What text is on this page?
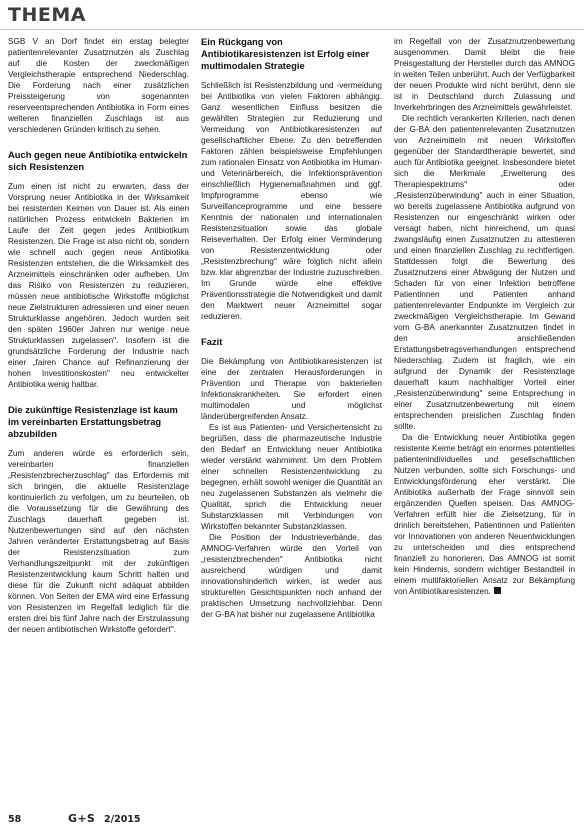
THEMA

SGB V an Dorf findet ein erstag belegter patientenrelevanter Zusatznutzen als Zuschlag auf die Kosten der zweckmäßigen Vergleichstherapie entsprechend Niederschlag. Die Forderung nach einer zusätzlichen Preissteigerung von sogenannten reserveentsprechenden Antibiotika in Form eines weiteren finanziellen Zuschlags ist aus verschiedenen Gründen kritisch zu sehen.

Auch gegen neue Antibiotika entwickeln sich Resistenzen

Zum einen ist nicht zu erwarten, dass der Vorsprung neuer Antibiotika in der Wirksamkeit bei resistenten Keimen von Dauer ist. Als einen natürlichen Prozess entwickeln Bakterien im Laufe der Zeit gegen jedes Antibiotikum Resistenzen. Die Frage ist also nicht ob, sondern wie schnell auch gegen neue Antibiotika Resistenzen entstehen, die die Wirksamkeit des Arzneimittels einschränken oder aufheben. Um das Risiko von Resistenzen zu reduzieren, müssen neue antibiotische Wirkstoffe möglichst neue Zielstrukturen adressieren und einer neuen Strukturklasse angehören. Jedoch wurden seit den späten 1960er Jahren nur wenige neue Strukturklassen zugelassen". Insofern ist die grundsätzliche Forderung der Industrie nach einer „fairen Chance auf Refinanzierung der hohen Investitionskosten" neu entwickelter Antibiotika wenig haltbar.

Die zukünftige Resistenzlage ist kaum im vereinbarten Erstattungsbetrag abzubilden

Zum anderen würde es erforderlich sein, vereinbarten finanziellen „Resistenzbrecherzuschlag" das Erfordernis mit sich bringen, die aktuelle Resistenzlage kontinuierlich zu verfolgen, um zu beurteilen, ob die Voraussetzung für die Gewährung des Zuschlags dauerhaft gegeben ist. Nutzenbewertungen sind auf den nächsten Jahren veränderter Erstattungsbetrag auf Basis der Resistenzsituation zum Verhandlungszeitpunkt mit der zukünftigen Resistenzentwicklung kaum Schritt halten und diese für die Zukunft nicht adäquat abbilden können. Von Seiten der EMA wird eine Erfassung von Resistenzen im Regelfall lediglich für die ersten drei bis fünf Jahre nach der Erstzulassung der neuen antibiotischen Wirkstoffe gefordert".

Ein Rückgang von Antibiotikaresistenzen ist Erfolg einer multimodalen Strategie

Schließlich ist Resistenzbildung und -vermeidung bei Antibiotika von vielen Faktoren abhängig. Ganz wesentlichen Einfluss besitzen die gewählten Strategien zur Reduzierung und Vermeidung von Antibiotikaresistenzen auf gesellschaftlicher Ebene. Zu den betreffenden Faktoren zählen beispielsweise Empfehlungen zum rationalen Einsatz von Antibiotika im Human- und Veterinärbereich, die Infektionsprävention einschließlich Hygienemaßnahmen und ggf. Impfprogramme ebenso wie Surveillanceprogramme und eine bessere Kenntnis der nationalen und internationalen Resistenzsituation sowie das globale Reiseverhalten. Der Erfolg einer Verminderung von Resistenzentwicklung oder „Resistenzbrechung" wäre folglich nicht allein bzw. klar abgrenzbar der Industrie zuzuschreiben. Im Grunde würde eine effektive Präventionsstrategie die Notwendigkeit und damit den Marktwert neuer Arzneimittel sogar reduzieren.

Fazit

Die Bekämpfung von Antibiotikaresistenzen ist eine der zentralen Herausforderungen in Prävention und Therapie von bakteriellen Infektionskrankheiten. Sie erfordert einen multimodalen und möglichst länderübergreifenden Ansatz.

Es ist aus Patienten- und Versichertensicht zu begrüßen, dass die pharmazeutische Industrie den Bedarf an Entwicklung neuer Antibiotika wieder verstärkt wahrnimmt. Um dem Problem einer schnellen Resistenzentwicklung zu begegnen, erhält sowohl weniger die Quantität an neu zugelassenen Substanzen als vielmehr die Qualität, sprich die Entwicklung neuer Substanzklassen mit Verbindungen von Wirkstoffen bekannter Substanzklassen.

Die Position der Industrieverbände, das AMNOG-Verfahren würde den Vorteil von „resistenzbrechenden" Antibiotika nicht ausreichend würdigen und damit innovationshinderlich wirken, ist weder aus strukturellen Gesichtspunkten noch anhand der praktischen Umsetzung nachvollziehbar. Denn der G-BA hat bisher nur zugelassene Antibiotika

im Regelfall von der Zusatznutzenbewertung ausgenommen. Damit bleibt die freie Preisgestaltung der Hersteller durch das AMNOG in weiten Teilen unberührt. Auch der Verfügbarkeit der neuen Produkte wird nicht berührt, denn sie ist in Deutschland durch Zulassung und Inverkehrbringen des Arzneimittels gewährleistet.

Die rechtlich verankerten Kriterien, nach denen der G-BA den patientenrelevanten Zusatznutzen von Arzneimitteln mit neuen Wirkstoffen gegenüber der Standardtherapie bewertet, sind auch für Antibiotika geeignet. Insbesondere bietet sich die Merkmale „Erweiterung des Therapiespektrums" oder „Resistenzüberwindung" auch in einer Situation, wo bereits zugelassene Antibiotika aufgrund von Resistenzen nur eingeschränkt wirken oder versagt haben, nicht hinreichend, um quasi zwangsläufig einen Zusatznutzen zu attestieren und einen finanziellen Zuschlag zu rechtfertigen. Stattdessen folgt die Bewertung des Zusatznutzens einer Abwägung der Nutzen und Schaden für von einer Infektion betroffene Patientinnen und Patienten anhand patientenrelevanter Endpunkte im Vergleich zur zweckmäßigen Vergleichstherapie. Im Gewand vom G-BA anerkannter Zusatznutzen findet in den anschließenden Erstattungsbetragsverhandlungen entsprechend Niederschlag. Zudem ist fraglich, wie ein aufgrund der Dynamik der Resistenzlage dauerhaft kaum nachhaltiger Vorteil einer „Resistenzüberwindung" seine Entsprechung in einer Zusatznutzenbewertung mit einem entsprechenden preislichen Zuschlag finden sollte.

Da die Entwicklung neuer Antibiotika gegen resistente Keime beträgt ein enormes potentielles patientenindividuelles und gesellschaftlichen Nutzen verbunden, sollte sich Forschungs- und Entwicklungsförderung eher verstärkt. Die Antibiotika außerhalb der Frage sinnvoll sein ergänzenden Quellen speisen. Das AMNOG-Verfahren erfüllt hier die Zielsetzung, für in drinlich bereitstehen, Patientinnen und Patienten vor Innovationen von anderen Neuentwicklungen zu unterscheiden und dies entsprechend finanziell zu honorieren. Das AMNOG ist somit kein Hindernis, sondern wichtiger Bestandteil in einem multifaktoriellen Ansatz zur Bekämpfung von Antibiotikaresistenzen.

58	G+S 2/2015
